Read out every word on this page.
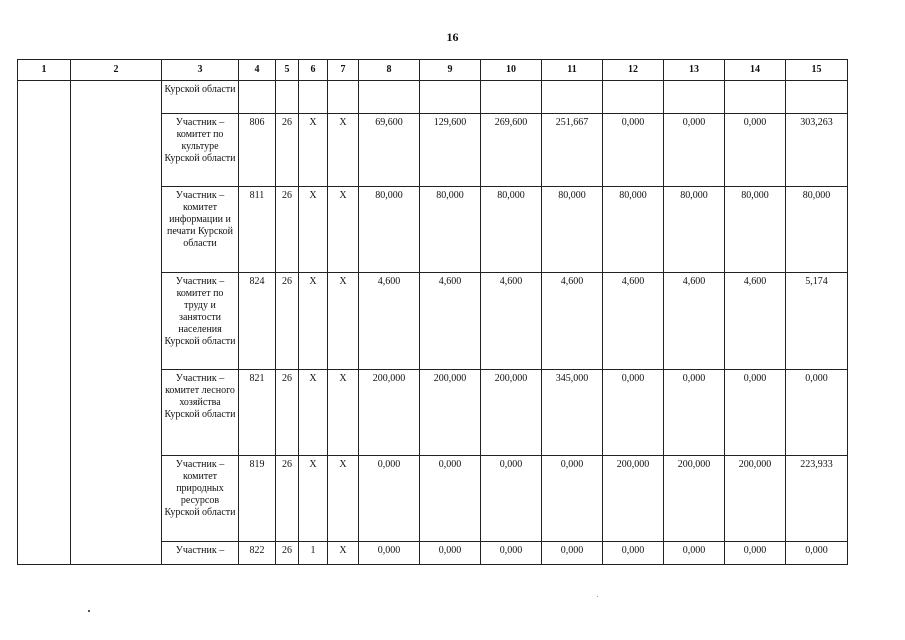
16
1	2	3	4	5	6	7	8	9	10	11	12	13	14	15
		Курской области												
		Участник – комитет по культуре Курской области	806	26	Х	Х	69,600	129,600	269,600	251,667	0,000	0,000	0,000	303,263
		Участник – комитет информации и печати Курской области	811	26	Х	Х	80,000	80,000	80,000	80,000	80,000	80,000	80,000	80,000
		Участник – комитет по труду и занятости населения Курской области	824	26	Х	Х	4,600	4,600	4,600	4,600	4,600	4,600	4,600	5,174
		Участник – комитет лесного хозяйства Курской области	821	26	Х	Х	200,000	200,000	200,000	345,000	0,000	0,000	0,000	0,000
		Участник – комитет природных ресурсов Курской области	819	26	Х	Х	0,000	0,000	0,000	0,000	200,000	200,000	200,000	223,933
		Участник –	822	26	1	Х	0,000	0,000	0,000	0,000	0,000	0,000	0,000	0,000
